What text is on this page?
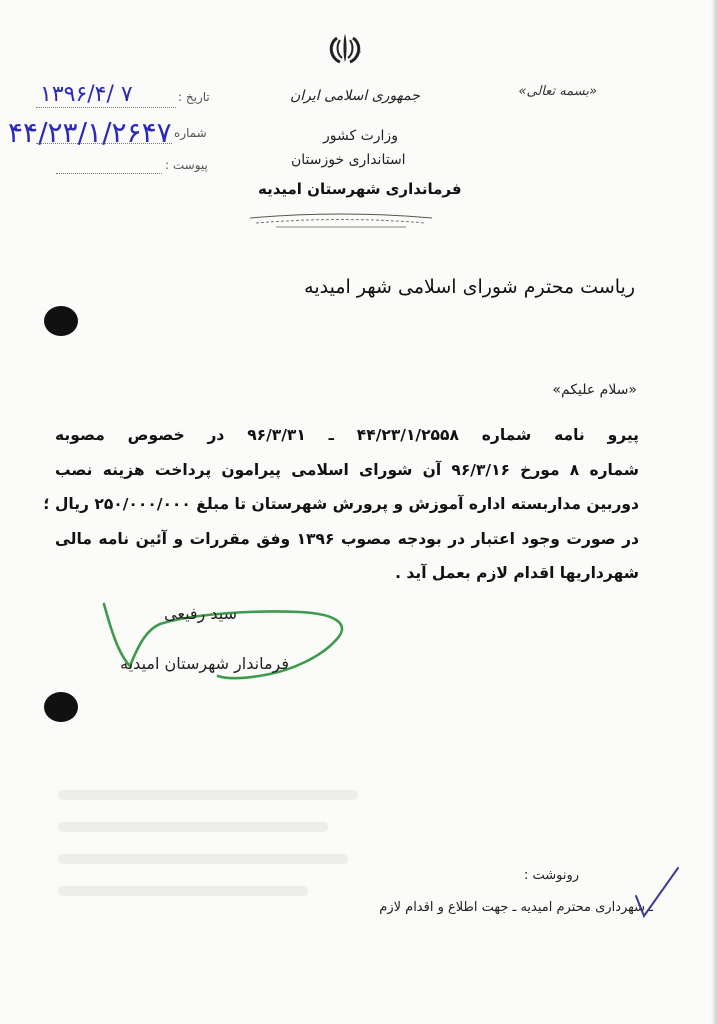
«بسمه تعالی»
جمهوری اسلامی ایران
وزارت کشور
استانداری خوزستان
فرمانداری شهرستان امیدیه
تاریخ :
۱۳۹۶/۴/ ۷
شماره
۴۴/۲۳/۱/۲۶۴۷
پیوست :
ریاست محترم شورای اسلامی شهر امیدیه
«سلام علیکم»
پیرو نامه شماره ۴۴/۲۳/۱/۲۵۵۸ ـ ۹۶/۳/۳۱ در خصوص مصوبه
شماره ۸ مورخ ۹۶/۳/۱۶ آن شورای اسلامی پیرامون پرداخت هزینه نصب
دوربین مداربسته اداره آموزش و پرورش شهرستان تا مبلغ ۲۵۰/۰۰۰/۰۰۰ ریال ؛
در صورت وجود اعتبار در بودجه مصوب ۱۳۹۶ وفق مقررات و آئین نامه مالی
شهرداریها اقدام لازم بعمل آید .
سید رفیعی
فرماندار شهرستان امیدیه
رونوشت :
ـ شهرداری محترم امیدیه ـ جهت اطلاع و اقدام لازم
